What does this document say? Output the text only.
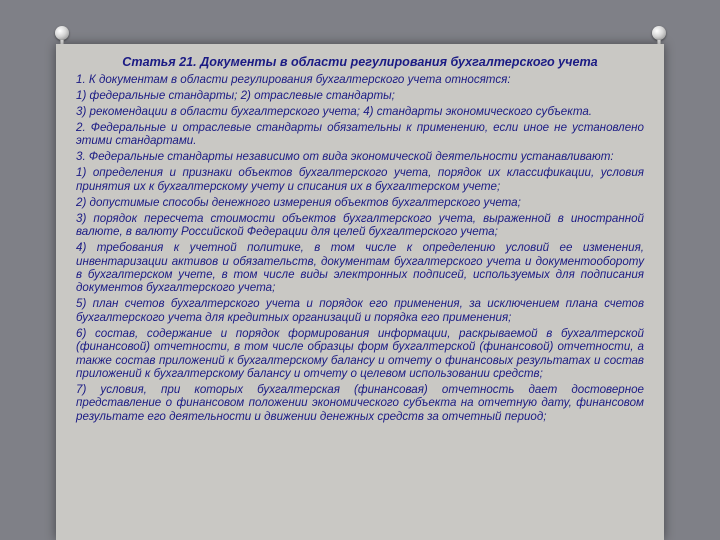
Статья 21. Документы в области регулирования бухгалтерского учета
1. К документам в области регулирования бухгалтерского учета относятся:
1) федеральные стандарты; 2) отраслевые стандарты;
3) рекомендации в области бухгалтерского учета; 4) стандарты экономического субъекта.
2. Федеральные и отраслевые стандарты обязательны к применению, если иное не установлено этими стандартами.
3. Федеральные стандарты независимо от вида экономической деятельности устанавливают:
1) определения и признаки объектов бухгалтерского учета, порядок их классификации, условия принятия их к бухгалтерскому учету и списания их в бухгалтерском учете;
2) допустимые способы денежного измерения объектов бухгалтерского учета;
3) порядок пересчета стоимости объектов бухгалтерского учета, выраженной в иностранной валюте, в валюту Российской Федерации для целей бухгалтерского учета;
4) требования к учетной политике, в том числе к определению условий ее изменения, инвентаризации активов и обязательств, документам бухгалтерского учета и документообороту в бухгалтерском учете, в том числе виды электронных подписей, используемых для подписания документов бухгалтерского учета;
5) план счетов бухгалтерского учета и порядок его применения, за исключением плана счетов бухгалтерского учета для кредитных организаций и порядка его применения;
6) состав, содержание и порядок формирования информации, раскрываемой в бухгалтерской (финансовой) отчетности, в том числе образцы форм бухгалтерской (финансовой) отчетности, а также состав приложений к бухгалтерскому балансу и отчету о финансовых результатах и состав приложений к бухгалтерскому балансу и отчету о целевом использовании средств;
7) условия, при которых бухгалтерская (финансовая) отчетность дает достоверное представление о финансовом положении экономического субъекта на отчетную дату, финансовом результате его деятельности и движении денежных средств за отчетный период;
